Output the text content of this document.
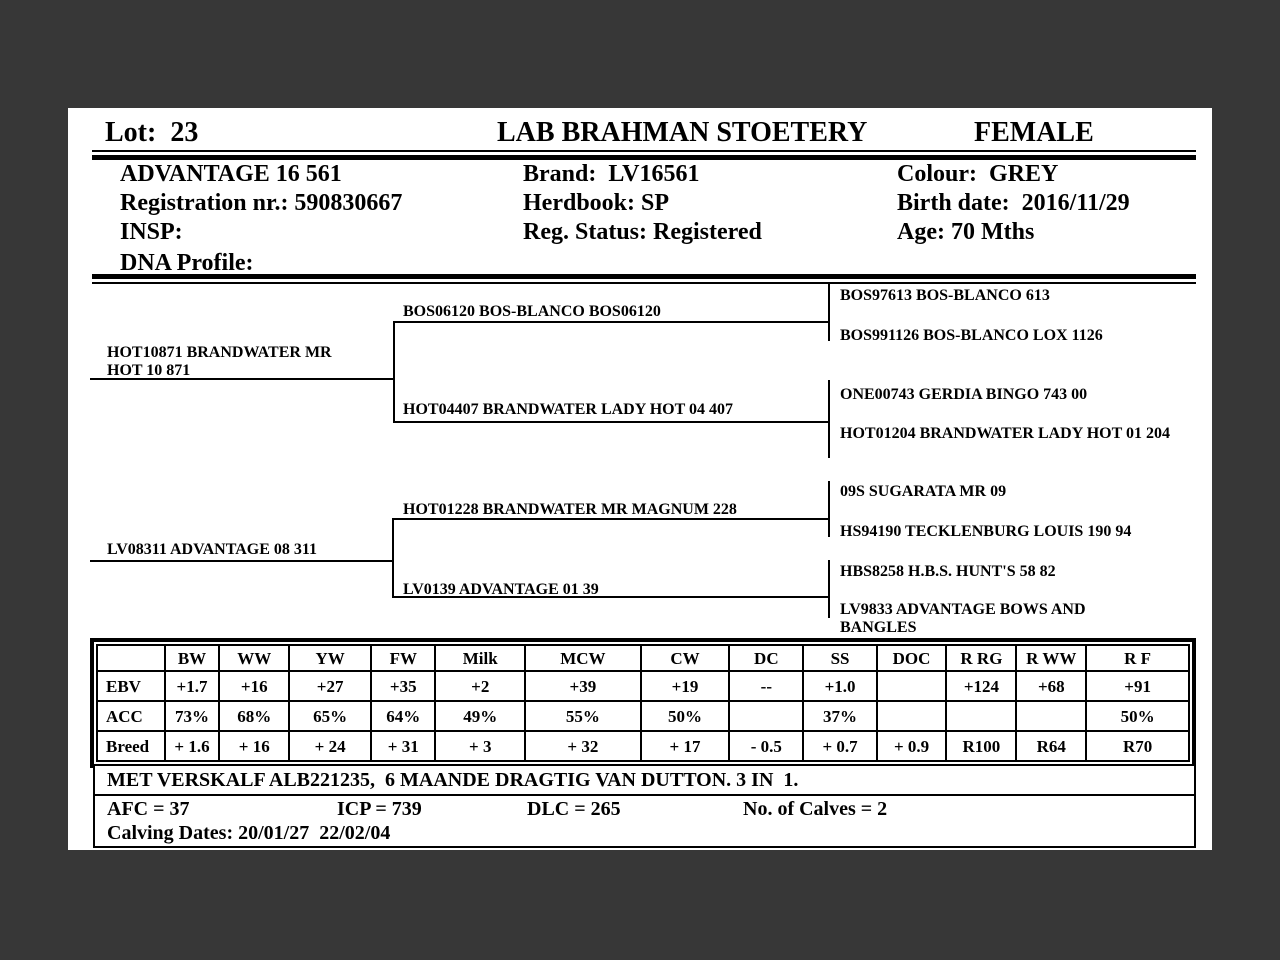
Lot:  23	LAB BRAHMAN STOETERY	FEMALE
ADVANTAGE 16 561
Registration nr.: 590830667
INSP:
DNA Profile:
Brand:  LV16561
Herdbook: SP
Reg. Status: Registered
Colour:  GREY
Birth date:  2016/11/29
Age: 70 Mths
HOT10871 BRANDWATER MR HOT 10 871
LV08311 ADVANTAGE 08 311
BOS06120 BOS-BLANCO BOS06120
HOT04407 BRANDWATER LADY HOT 04 407
HOT01228 BRANDWATER MR MAGNUM 228
LV0139 ADVANTAGE 01 39
BOS97613 BOS-BLANCO 613
BOS991126 BOS-BLANCO LOX 1126
ONE00743 GERDIA BINGO 743 00
HOT01204 BRANDWATER LADY HOT 01 204
09S SUGARATA MR 09
HS94190 TECKLENBURG LOUIS 190 94
HBS8258 H.B.S. HUNT'S 58 82
LV9833 ADVANTAGE BOWS AND BANGLES
	BW	WW	YW	FW	Milk	MCW	CW	DC	SS	DOC	R RG	R WW	R F
EBV	+1.7	+16	+27	+35	+2	+39	+19	--	+1.0		+124	+68	+91
ACC	73%	68%	65%	64%	49%	55%	50%		37%				50%
Breed	+ 1.6	+ 16	+ 24	+ 31	+ 3	+ 32	+ 17	- 0.5	+ 0.7	+ 0.9	R100	R64	R70
MET VERSKALF ALB221235,  6 MAANDE DRAGTIG VAN DUTTON. 3 IN  1.
AFC = 37	ICP = 739	DLC = 265	No. of Calves = 2
Calving Dates: 20/01/27  22/02/04
